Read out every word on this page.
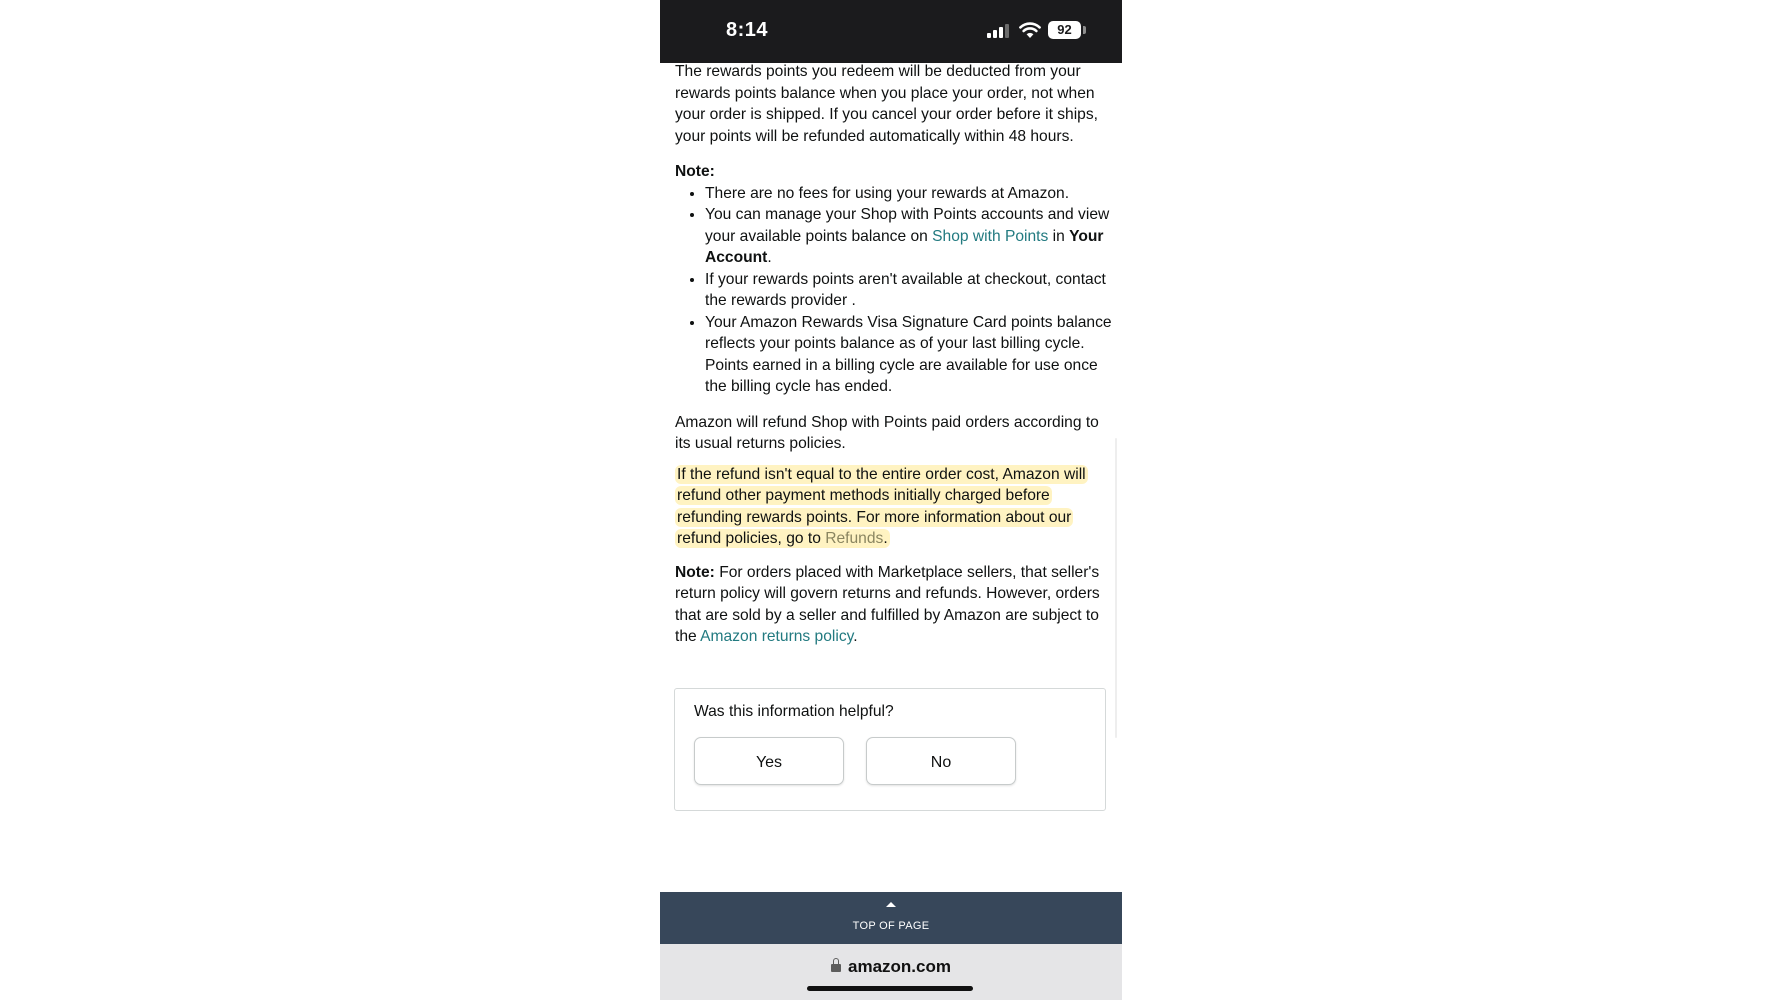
8:14	92

The rewards points you redeem will be deducted from your rewards points balance when you place your order, not when your order is shipped. If you cancel your order before it ships, your points will be refunded automatically within 48 hours.

Note:

• There are no fees for using your rewards at Amazon.
• You can manage your Shop with Points accounts and view your available points balance on Shop with Points in Your Account.
• If your rewards points aren't available at checkout, contact the rewards provider .
• Your Amazon Rewards Visa Signature Card points balance reflects your points balance as of your last billing cycle. Points earned in a billing cycle are available for use once the billing cycle has ended.

Amazon will refund Shop with Points paid orders according to its usual returns policies.

If the refund isn't equal to the entire order cost, Amazon will refund other payment methods initially charged before refunding rewards points. For more information about our refund policies, go to Refunds.

Note: For orders placed with Marketplace sellers, that seller's return policy will govern returns and refunds. However, orders that are sold by a seller and fulfilled by Amazon are subject to the Amazon returns policy.

Was this information helpful?
Yes	No
TOP OF PAGE
amazon.com
